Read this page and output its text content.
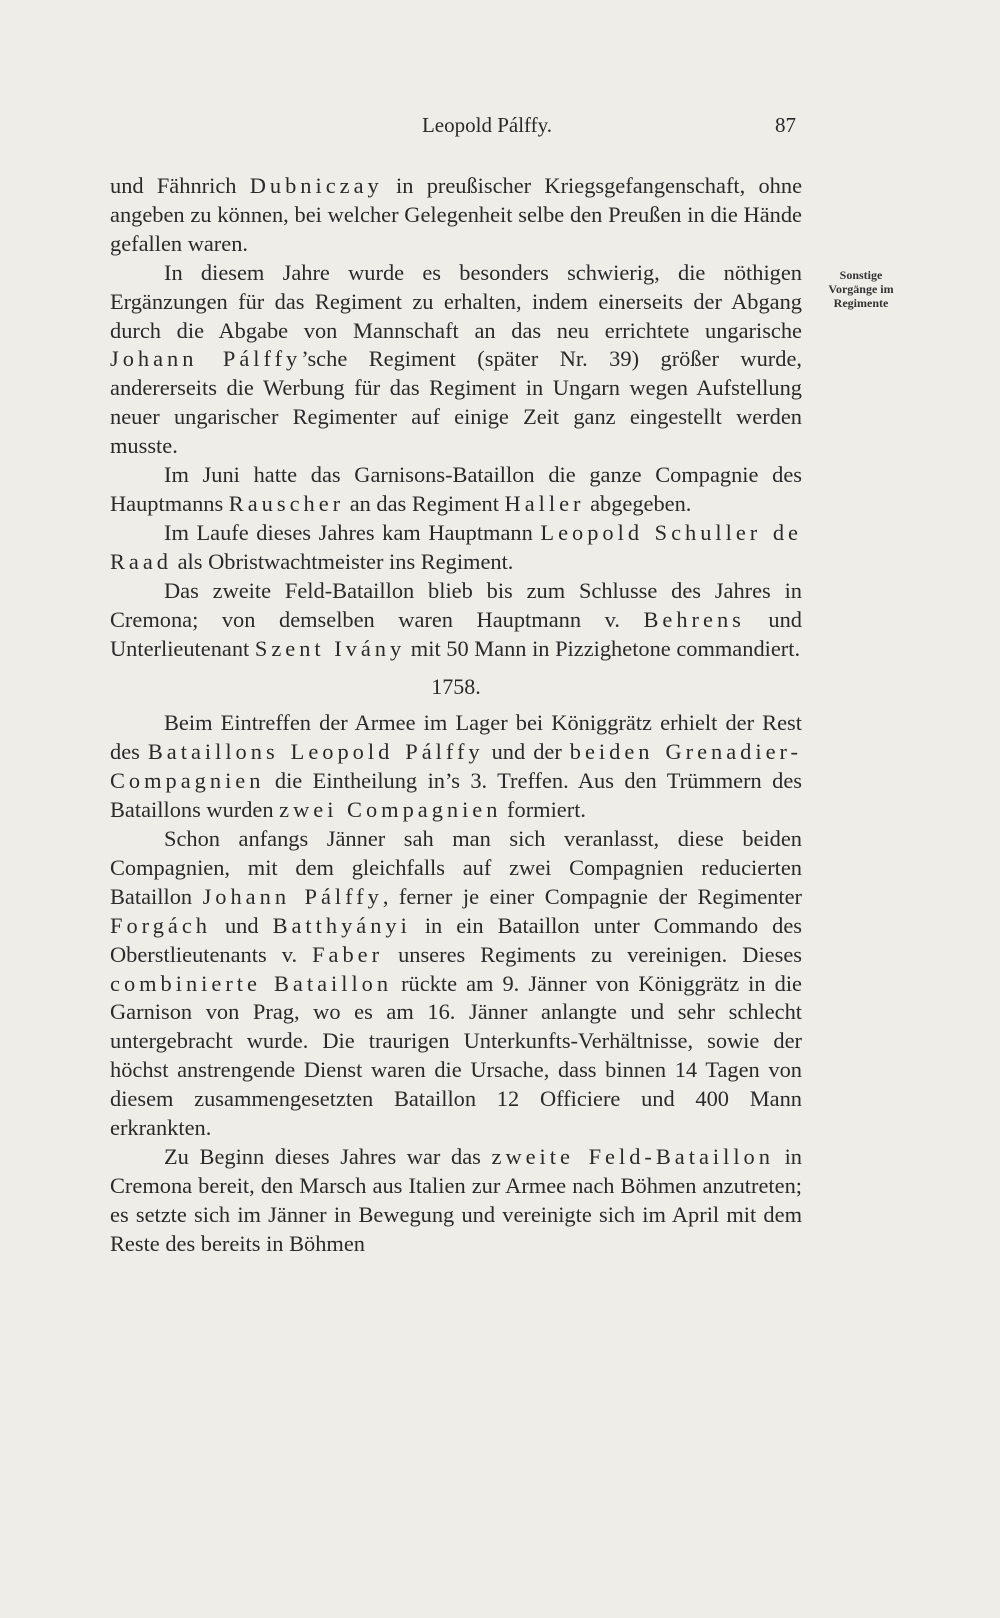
Leopold Pálffy.	87
Sonstige Vorgänge im Regimente

und Fähnrich Dubniczay in preußischer Kriegsgefangenschaft, ohne angeben zu können, bei welcher Gelegenheit selbe den Preußen in die Hände gefallen waren.

In diesem Jahre wurde es besonders schwierig, die nöthigen Ergänzungen für das Regiment zu erhalten, indem einerseits der Abgang durch die Abgabe von Mannschaft an das neu errichtete ungarische Johann Pálffy’sche Regiment (später Nr. 39) größer wurde, andererseits die Werbung für das Regiment in Ungarn wegen Aufstellung neuer ungarischer Regimenter auf einige Zeit ganz eingestellt werden musste.

Im Juni hatte das Garnisons-Bataillon die ganze Compagnie des Hauptmanns Rauscher an das Regiment Haller abgegeben.

Im Laufe dieses Jahres kam Hauptmann Leopold Schuller de Raad als Obristwachtmeister ins Regiment.

Das zweite Feld-Bataillon blieb bis zum Schlusse des Jahres in Cremona; von demselben waren Hauptmann v. Behrens und Unterlieutenant Szent Ivány mit 50 Mann in Pizzighetone commandiert.

1758.

Beim Eintreffen der Armee im Lager bei Königgrätz erhielt der Rest des Bataillons Leopold Pálffy und der beiden Grenadier-Compagnien die Eintheilung in’s 3. Treffen. Aus den Trümmern des Bataillons wurden zwei Compagnien formiert.

Schon anfangs Jänner sah man sich veranlasst, diese beiden Compagnien, mit dem gleichfalls auf zwei Compagnien reducierten Bataillon Johann Pálffy, ferner je einer Compagnie der Regimenter Forgách und Batthyányi in ein Bataillon unter Commando des Oberstlieutenants v. Faber unseres Regiments zu vereinigen. Dieses combinierte Bataillon rückte am 9. Jänner von Königgrätz in die Garnison von Prag, wo es am 16. Jänner anlangte und sehr schlecht untergebracht wurde. Die traurigen Unterkunfts-Verhältnisse, sowie der höchst anstrengende Dienst waren die Ursache, dass binnen 14 Tagen von diesem zusammengesetzten Bataillon 12 Officiere und 400 Mann erkrankten.

Zu Beginn dieses Jahres war das zweite Feld-Bataillon in Cremona bereit, den Marsch aus Italien zur Armee nach Böhmen anzutreten; es setzte sich im Jänner in Bewegung und vereinigte sich im April mit dem Reste des bereits in Böhmen
